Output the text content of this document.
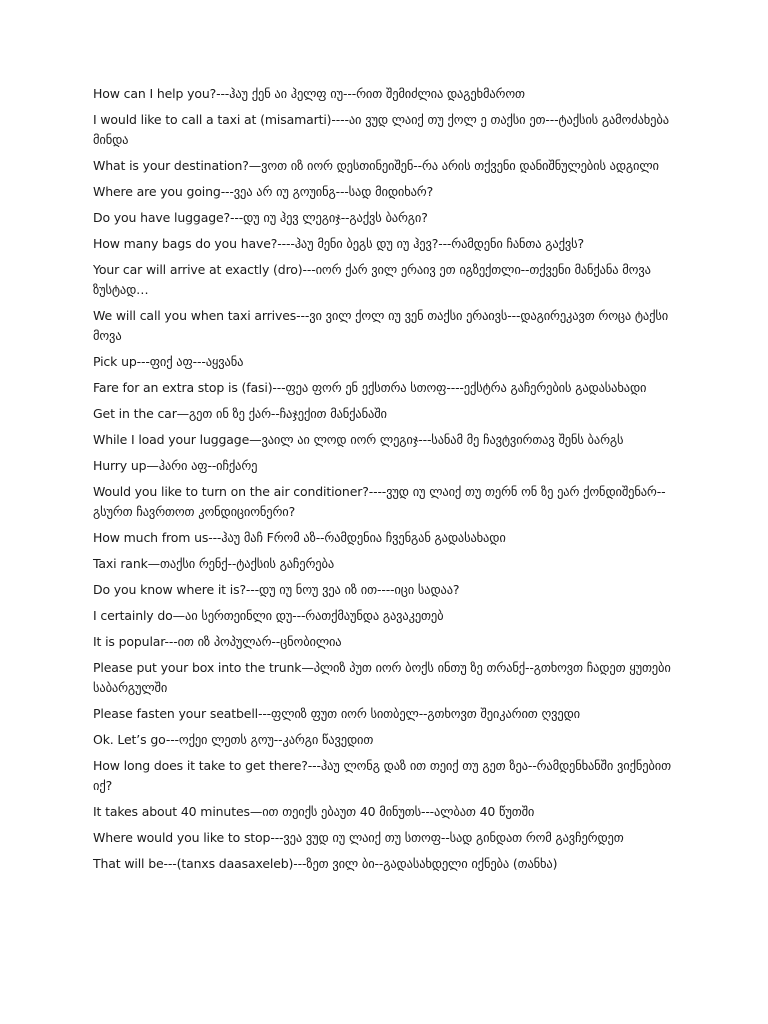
How can I help you?---ჰაუ ქენ აი ჰელფ იუ---რით შემიძლია დაგეხმაროთ
I would like to call a taxi at (misamarti)----აი ვუდ ლაიქ თუ ქოლ ე თაქსი ეთ---ტაქსის გამოძახება მინდა
What is your destination?—ვოთ იზ იორ დესთინეიშენ--რა არის თქვენი დანიშნულების ადგილი
Where are you going---ვეა არ იუ გოუინგ---სად მიდიხარ?
Do you have luggage?---დუ იუ ჰევ ლეგიჯ--გაქვს ბარგი?
How many bags do you have?----ჰაუ მენი ბეგს დუ იუ ჰევ?---რამდენი ჩანთა გაქვს?
Your car will arrive at exactly (dro)---იორ ქარ ვილ ერაივ ეთ იგზექთლი--თქვენი მანქანა მოვა ზუსტად…
We will call you when taxi arrives---ვი ვილ ქოლ იუ ვენ თაქსი ერაივს---დაგირეკავთ როცა ტაქსი მოვა
Pick up---ფიქ აფ---აყვანა
Fare for an extra stop is (fasi)---ფეა ფორ ენ ექსთრა სთოფ----ექსტრა გაჩერების გადასახადი
Get in the car—გეთ ინ ზე ქარ--ჩაჯექით მანქანაში
While I load your luggage—ვაილ აი ლოდ იორ ლეგიჯ---სანამ მე ჩავტვირთავ შენს ბარგს
Hurry up—ჰარი აფ--იჩქარე
Would you like to turn on the air conditioner?----ვუდ იუ ლაიქ თუ თერნ ონ ზე ეარ ქონდიშენარ--გსურთ ჩავრთოთ კონდიციონერი?
How much from us---ჰაუ მაჩ Fრომ აზ--რამდენია ჩვენგან გადასახადი
Taxi rank—თაქსი რენქ--ტაქსის გაჩერება
Do you know where it is?---დუ იუ ნოუ ვეა იზ ით----იცი სადაა?
I certainly do—აი სერთეინლი დუ---რათქმაუნდა გავაკეთებ
It is popular---ით იზ პოპულარ--ცნობილია
Please put your box into the trunk—პლიზ პუთ იორ ბოქს ინთუ ზე თრანქ--გთხოვთ ჩადეთ ყუთები საბარგულში
Please fasten your seatbell---ფლიზ ფუთ იორ სითბელ--გთხოვთ შეიკარით ღვედი
Ok. Let’s go---ოქეი ლეთს გოუ--კარგი წავედით
How long does it take to get there?---ჰაუ ლონგ დაზ ით თეიქ თუ გეთ ზეა--რამდენხანში ვიქნებით იქ?
It takes about 40 minutes—ით თეიქს ებაუთ 40 მინუთს---ალბათ 40 წუთში
Where would you like to stop---ვეა ვუდ იუ ლაიქ თუ სთოფ--სად გინდათ რომ გავჩერდეთ
That will be---(tanxs daasaxeleb)---ზეთ ვილ ბი--გადასახდელი იქნება (თანხა)
